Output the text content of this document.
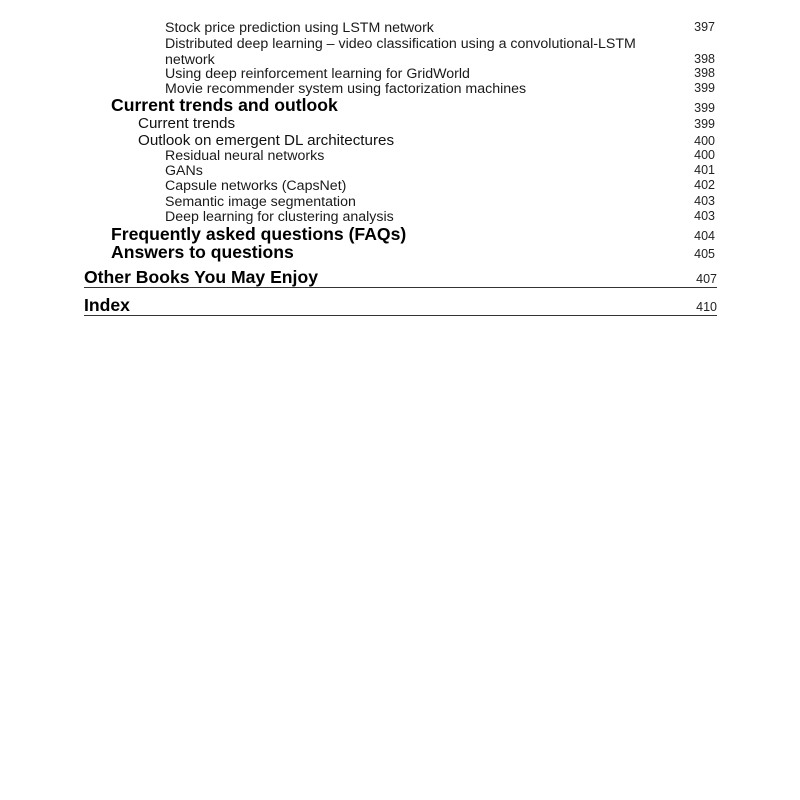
Stock price prediction using LSTM network	397
Distributed deep learning – video classification using a convolutional-LSTM
network	398
Using deep reinforcement learning for GridWorld	398
Movie recommender system using factorization machines	399
Current trends and outlook	399
Current trends	399
Outlook on emergent DL architectures	400
Residual neural networks	400
GANs	401
Capsule networks (CapsNet)	402
Semantic image segmentation	403
Deep learning for clustering analysis	403
Frequently asked questions (FAQs)	404
Answers to questions	405
Other Books You May Enjoy	407
Index	410
